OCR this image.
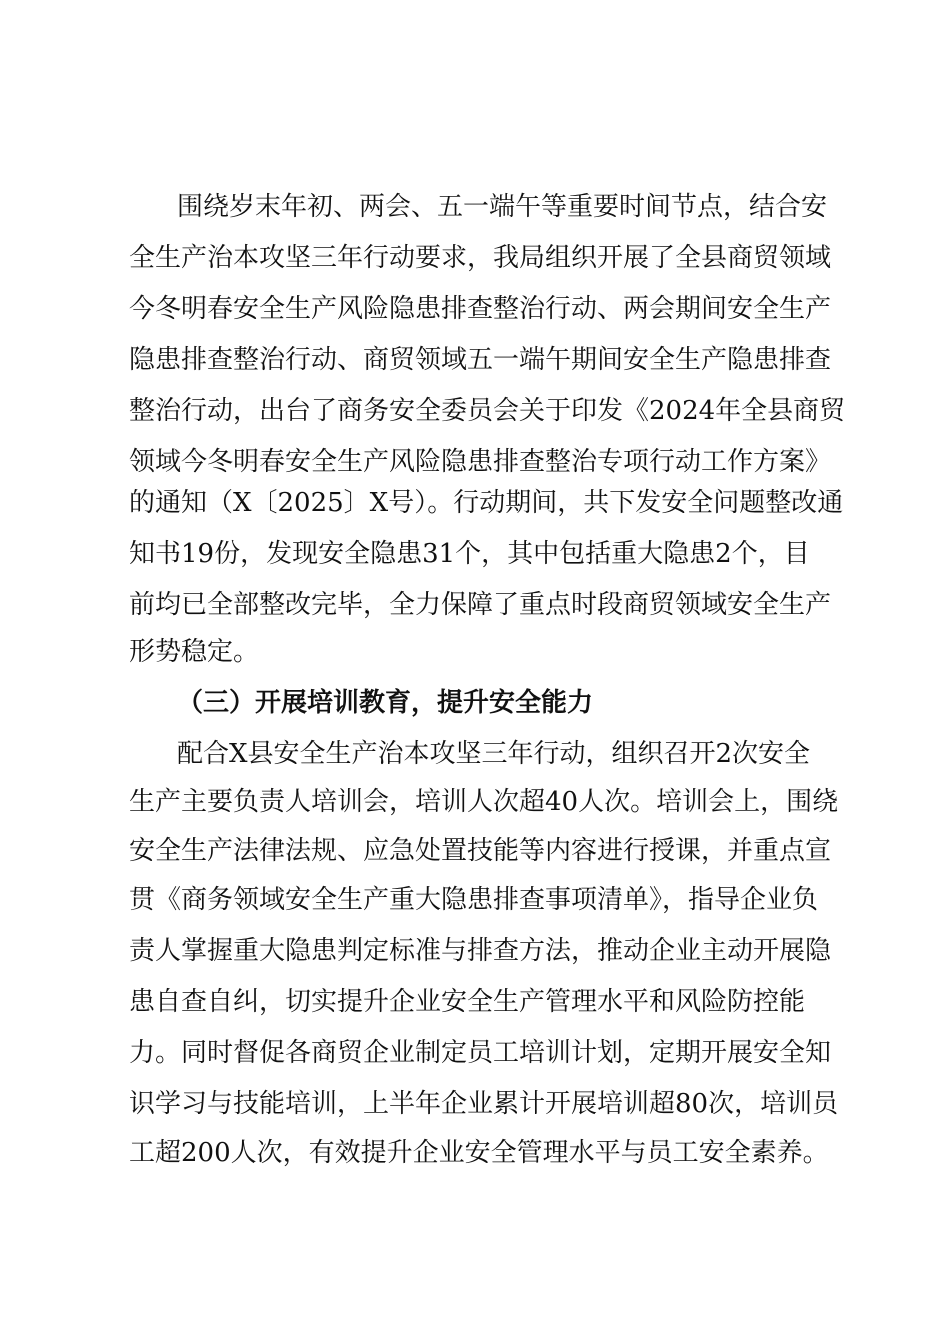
围绕岁末年初、两会、五一端午等重要时间节点，结合安
全生产治本攻坚三年行动要求，我局组织开展了全县商贸领域
今冬明春安全生产风险隐患排查整治行动、两会期间安全生产
隐患排查整治行动、商贸领域五一端午期间安全生产隐患排查
整治行动，出台了商务安全委员会关于印发《2024年全县商贸
领域今冬明春安全生产风险隐患排查整治专项行动工作方案》
的通知（X〔2025〕X号）。行动期间，共下发安全问题整改通
知书19份，发现安全隐患31个，其中包括重大隐患2个，目
前均已全部整改完毕，全力保障了重点时段商贸领域安全生产
形势稳定。
（三）开展培训教育，提升安全能力
配合X县安全生产治本攻坚三年行动，组织召开2次安全
生产主要负责人培训会，培训人次超40人次。培训会上，围绕
安全生产法律法规、应急处置技能等内容进行授课，并重点宣
贯《商务领域安全生产重大隐患排查事项清单》，指导企业负
责人掌握重大隐患判定标准与排查方法，推动企业主动开展隐
患自查自纠，切实提升企业安全生产管理水平和风险防控能
力。同时督促各商贸企业制定员工培训计划，定期开展安全知
识学习与技能培训，上半年企业累计开展培训超80次，培训员
工超200人次，有效提升企业安全管理水平与员工安全素养。
